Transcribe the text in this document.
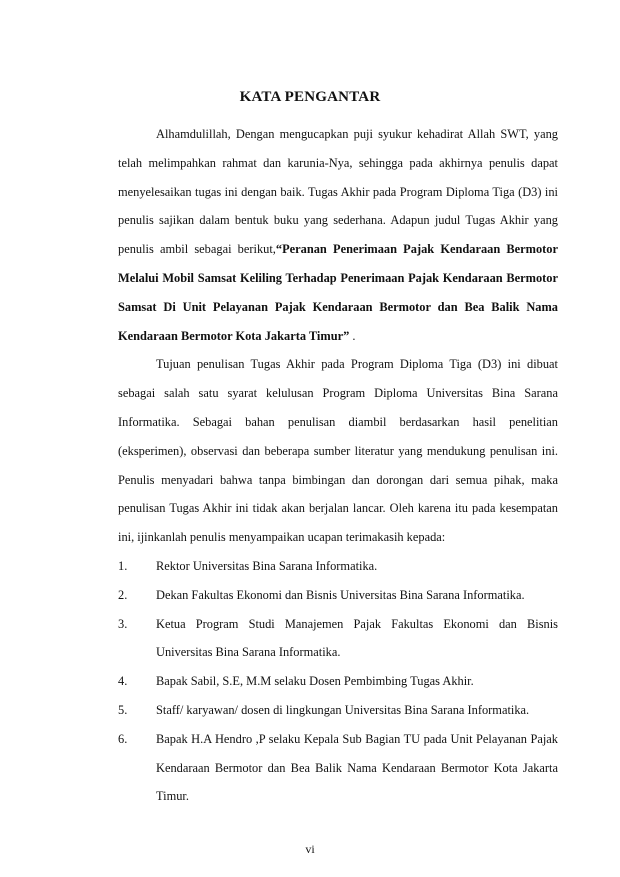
KATA PENGANTAR

Alhamdulillah, Dengan mengucapkan puji syukur kehadirat Allah SWT, yang telah melimpahkan rahmat dan karunia-Nya, sehingga pada akhirnya penulis dapat menyelesaikan tugas ini dengan baik. Tugas Akhir pada Program Diploma Tiga (D3) ini penulis sajikan dalam bentuk buku yang sederhana. Adapun judul Tugas Akhir yang penulis ambil sebagai berikut,“Peranan Penerimaan Pajak Kendaraan Bermotor Melalui Mobil Samsat Keliling Terhadap Penerimaan Pajak Kendaraan Bermotor Samsat Di Unit Pelayanan Pajak Kendaraan Bermotor dan Bea Balik Nama Kendaraan Bermotor Kota Jakarta Timur” .

Tujuan penulisan Tugas Akhir pada Program Diploma Tiga (D3) ini dibuat sebagai salah satu syarat kelulusan Program Diploma Universitas Bina Sarana Informatika. Sebagai bahan penulisan diambil berdasarkan hasil penelitian (eksperimen), observasi dan beberapa sumber literatur yang mendukung penulisan ini. Penulis menyadari bahwa tanpa bimbingan dan dorongan dari semua pihak, maka penulisan Tugas Akhir ini tidak akan berjalan lancar. Oleh karena itu pada kesempatan ini, ijinkanlah penulis menyampaikan ucapan terimakasih kepada:

1.	Rektor Universitas Bina Sarana Informatika.
2.	Dekan Fakultas Ekonomi dan Bisnis Universitas Bina Sarana Informatika.
3.	Ketua Program Studi Manajemen Pajak Fakultas Ekonomi dan Bisnis Universitas Bina Sarana Informatika.
4.	Bapak Sabil, S.E, M.M selaku Dosen Pembimbing Tugas Akhir.
5.	Staff/ karyawan/ dosen di lingkungan Universitas Bina Sarana Informatika.
6.	Bapak H.A Hendro ,P selaku Kepala Sub Bagian TU pada Unit Pelayanan Pajak Kendaraan Bermotor dan Bea Balik Nama Kendaraan Bermotor Kota Jakarta Timur.
vi
